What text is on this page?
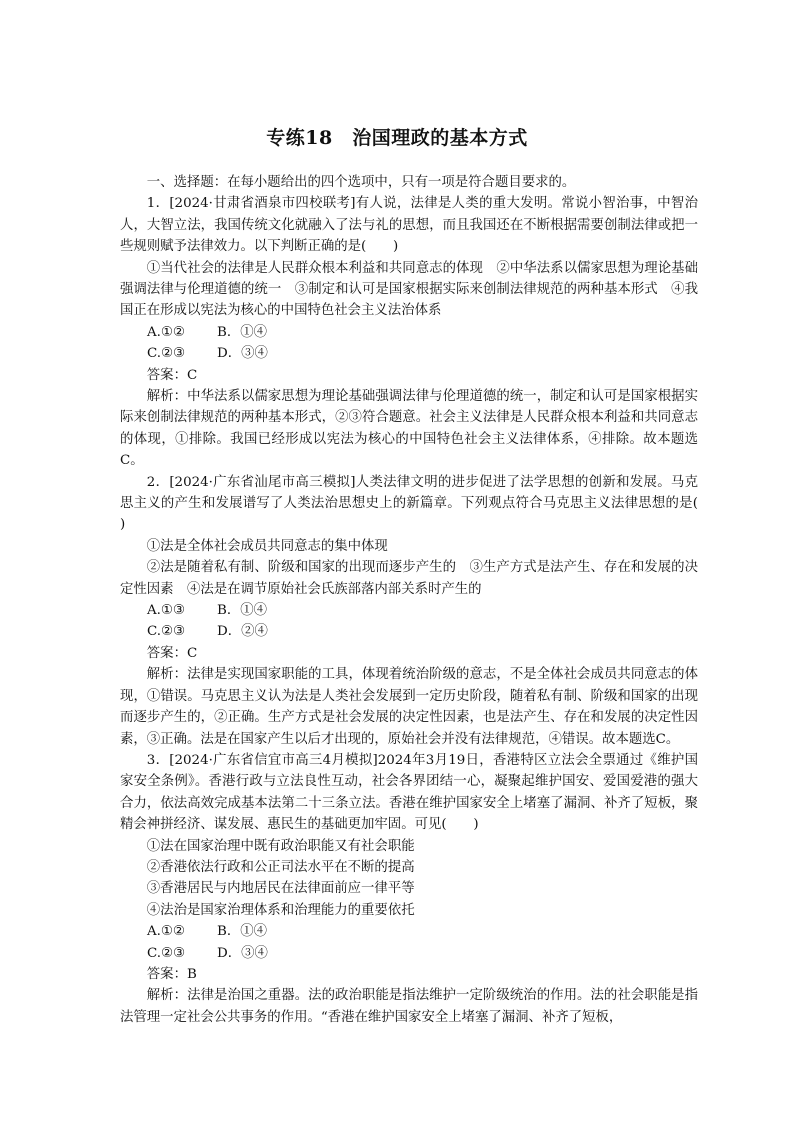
专练18　治国理政的基本方式

一、选择题：在每小题给出的四个选项中，只有一项是符合题目要求的。

1．[2024·甘肃省酒泉市四校联考]有人说，法律是人类的重大发明。常说小智治事，中智治人，大智立法，我国传统文化就融入了法与礼的思想，而且我国还在不断根据需要创制法律或把一些规则赋予法律效力。以下判断正确的是(　　)

①当代社会的法律是人民群众根本利益和共同意志的体现　②中华法系以儒家思想为理论基础强调法律与伦理道德的统一　③制定和认可是国家根据实际来创制法律规范的两种基本形式　④我国正在形成以宪法为核心的中国特色社会主义法治体系

A.①②	B．①④
C.②③	D．③④

答案：C

解析：中华法系以儒家思想为理论基础强调法律与伦理道德的统一，制定和认可是国家根据实际来创制法律规范的两种基本形式，②③符合题意。社会主义法律是人民群众根本利益和共同意志的体现，①排除。我国已经形成以宪法为核心的中国特色社会主义法律体系，④排除。故本题选C。

2．[2024·广东省汕尾市高三模拟]人类法律文明的进步促进了法学思想的创新和发展。马克思主义的产生和发展谱写了人类法治思想史上的新篇章。下列观点符合马克思主义法律思想的是(　　)

①法是全体社会成员共同意志的集中体现

②法是随着私有制、阶级和国家的出现而逐步产生的　③生产方式是法产生、存在和发展的决定性因素　④法是在调节原始社会氏族部落内部关系时产生的

A.①③	B．①④
C.②③	D．②④

答案：C

解析：法律是实现国家职能的工具，体现着统治阶级的意志，不是全体社会成员共同意志的体现，①错误。马克思主义认为法是人类社会发展到一定历史阶段，随着私有制、阶级和国家的出现而逐步产生的，②正确。生产方式是社会发展的决定性因素，也是法产生、存在和发展的决定性因素，③正确。法是在国家产生以后才出现的，原始社会并没有法律规范，④错误。故本题选C。

3．[2024·广东省信宜市高三4月模拟]2024年3月19日，香港特区立法会全票通过《维护国家安全条例》。香港行政与立法良性互动，社会各界团结一心，凝聚起维护国安、爱国爱港的强大合力，依法高效完成基本法第二十三条立法。香港在维护国家安全上堵塞了漏洞、补齐了短板，聚精会神拼经济、谋发展、惠民生的基础更加牢固。可见(　　)

①法在国家治理中既有政治职能又有社会职能

②香港依法行政和公正司法水平在不断的提高

③香港居民与内地居民在法律面前应一律平等

④法治是国家治理体系和治理能力的重要依托

A.①②	B．①④
C.②③	D．③④

答案：B

解析：法律是治国之重器。法的政治职能是指法维护一定阶级统治的作用。法的社会职能是指法管理一定社会公共事务的作用。“香港在维护国家安全上堵塞了漏洞、补齐了短板，
